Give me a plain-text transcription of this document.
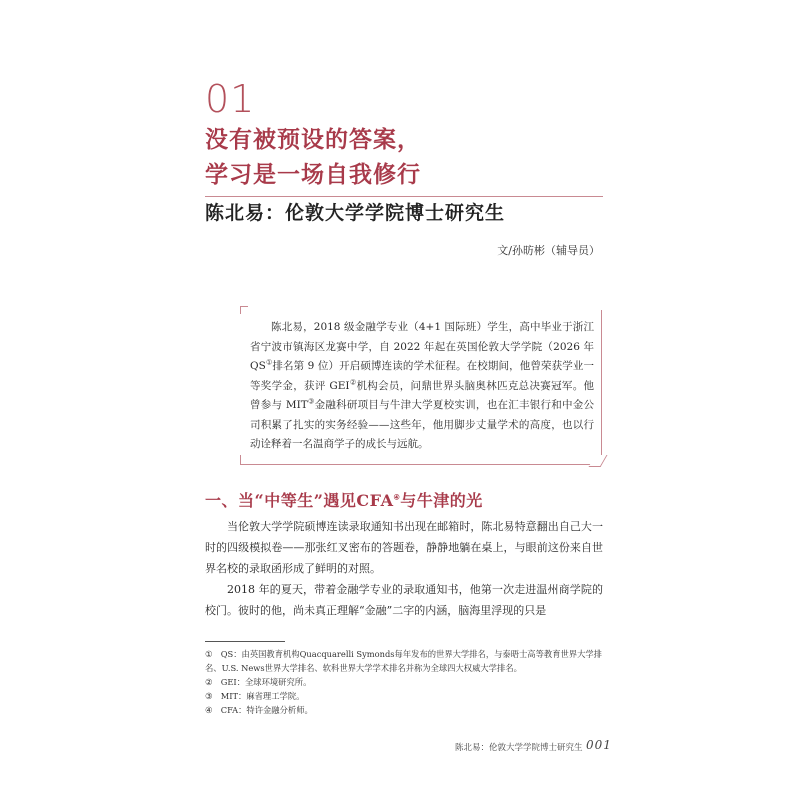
01
没有被预设的答案，
学习是一场自我修行
陈北易：伦敦大学学院博士研究生
文/孙昉彬（辅导员）
陈北易，2018 级金融学专业（4+1 国际班）学生，高中毕业于浙江省宁波市镇海区龙赛中学，自 2022 年起在英国伦敦大学学院（2026 年 QS①排名第 9 位）开启硕博连读的学术征程。在校期间，他曾荣获学业一等奖学金，获评 GEI②机构会员，问鼎世界头脑奥林匹克总决赛冠军。他曾参与 MIT③金融科研项目与牛津大学夏校实训，也在汇丰银行和中金公司积累了扎实的实务经验——这些年，他用脚步丈量学术的高度，也以行动诠释着一名温商学子的成长与远航。
一、当“中等生”遇见CFA④与牛津的光
当伦敦大学学院硕博连读录取通知书出现在邮箱时，陈北易特意翻出自己大一时的四级模拟卷——那张红叉密布的答题卷，静静地躺在桌上，与眼前这份来自世界名校的录取函形成了鲜明的对照。
2018 年的夏天，带着金融学专业的录取通知书，他第一次走进温州商学院的校门。彼时的他，尚未真正理解“金融”二字的内涵，脑海里浮现的只是
①　QS：由英国教育机构Quacquarelli Symonds每年发布的世界大学排名，与泰晤士高等教育世界大学排名、U.S. News世界大学排名、软科世界大学学术排名并称为全球四大权威大学排名。
②　GEI：全球环境研究所。
③　MIT：麻省理工学院。
④　CFA：特许金融分析师。
陈北易：伦敦大学学院博士研究生 001
